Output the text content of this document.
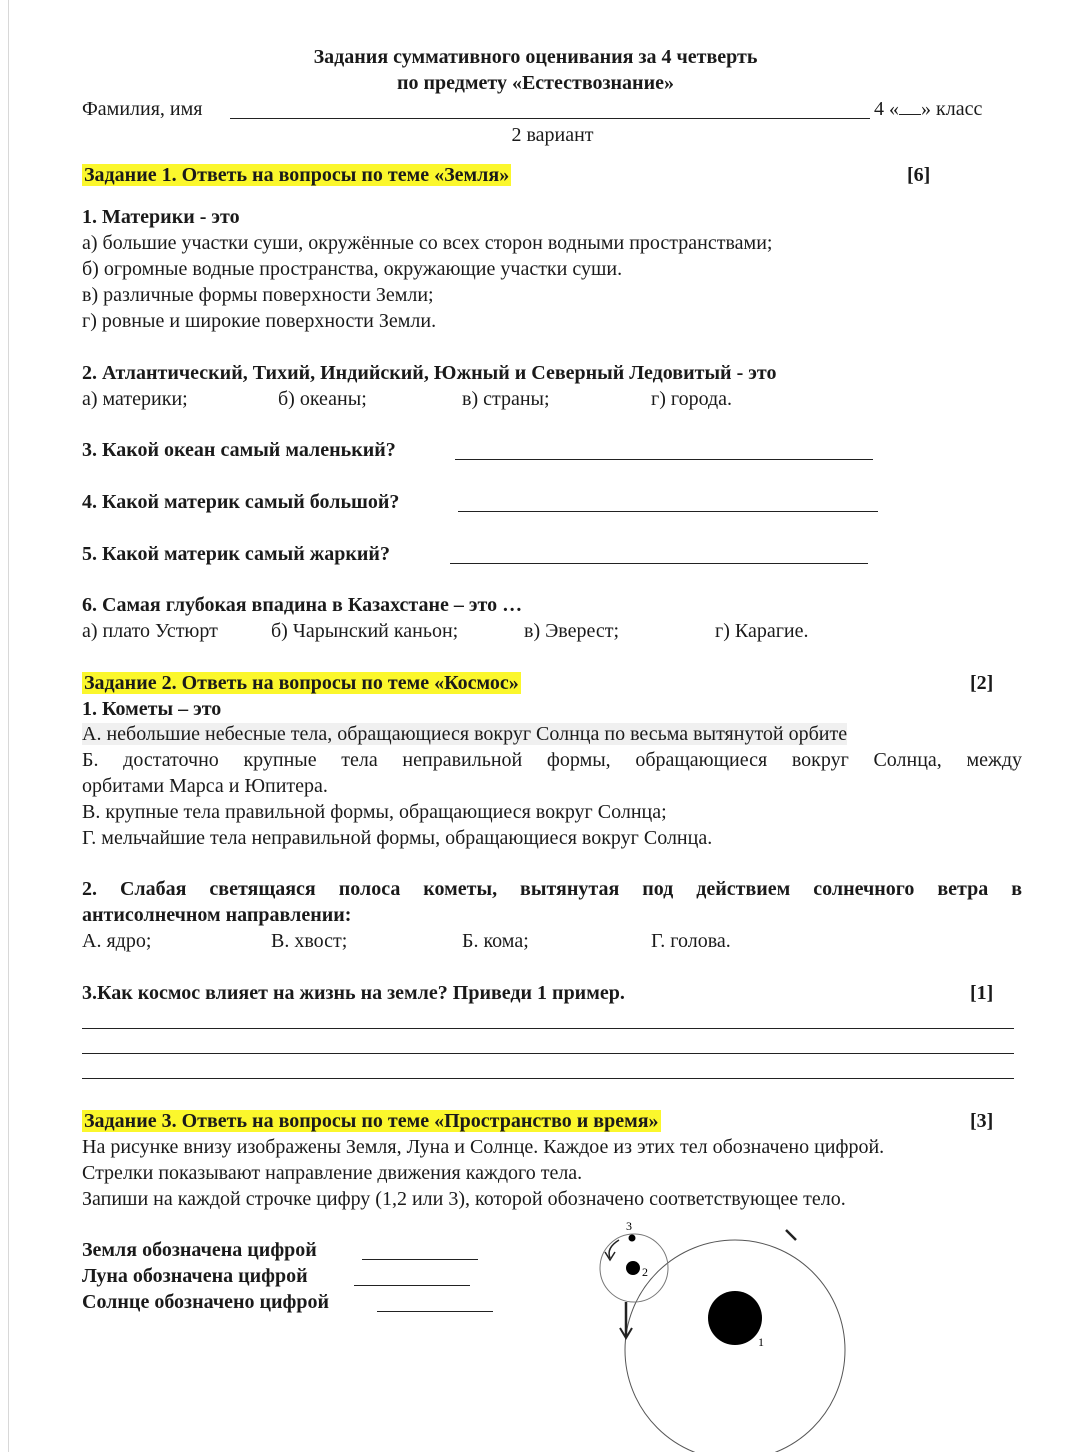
Задания суммативного оценивания за 4 четверть
по предмету «Естествознание»
Фамилия, имя	4 « » класс
2 вариант
Задание 1. Ответь на вопросы по теме «Земля»	[6]
1. Материки - это
а) большие участки суши, окружённые со всех сторон водными пространствами;
б) огромные водные пространства, окружающие участки суши.
в) различные формы поверхности Земли;
г) ровные и широкие поверхности Земли.
2. Атлантический, Тихий, Индийский, Южный и Северный Ледовитый - это
а) материки;	б) океаны;	в) страны;	г) города.
3. Какой океан самый маленький?
4. Какой материк самый большой?
5. Какой материк самый жаркий?
6. Самая глубокая впадина в Казахстане – это …
а) плато Устюрт	б) Чарынский каньон;	в) Эверест;	г) Карагие.
Задание 2. Ответь на вопросы по теме «Космос»	[2]
1. Кометы – это
А. небольшие небесные тела, обращающиеся вокруг Солнца по весьма вытянутой орбите
Б. достаточно крупные тела неправильной формы, обращающиеся вокруг Солнца, между
орбитами Марса и Юпитера.
В. крупные тела правильной формы, обращающиеся вокруг Солнца;
Г. мельчайшие тела неправильной формы, обращающиеся вокруг Солнца.
2. Слабая светящаяся полоса кометы, вытянутая под действием солнечного ветра в
антисолнечном направлении:
А. ядро;	В. хвост;	Б. кома;	Г. голова.
3.Как космос влияет на жизнь на земле? Приведи 1 пример.	[1]
Задание 3. Ответь на вопросы по теме «Пространство и время»	[3]
На рисунке внизу изображены Земля, Луна и Солнце. Каждое из этих тел обозначено цифрой.
Стрелки показывают направление движения каждого тела.
Запиши на каждой строчке цифру (1,2 или 3), которой обозначено соответствующее тело.
Земля обозначена цифрой
Луна обозначена цифрой
Солнце обозначено цифрой
3
2
1
